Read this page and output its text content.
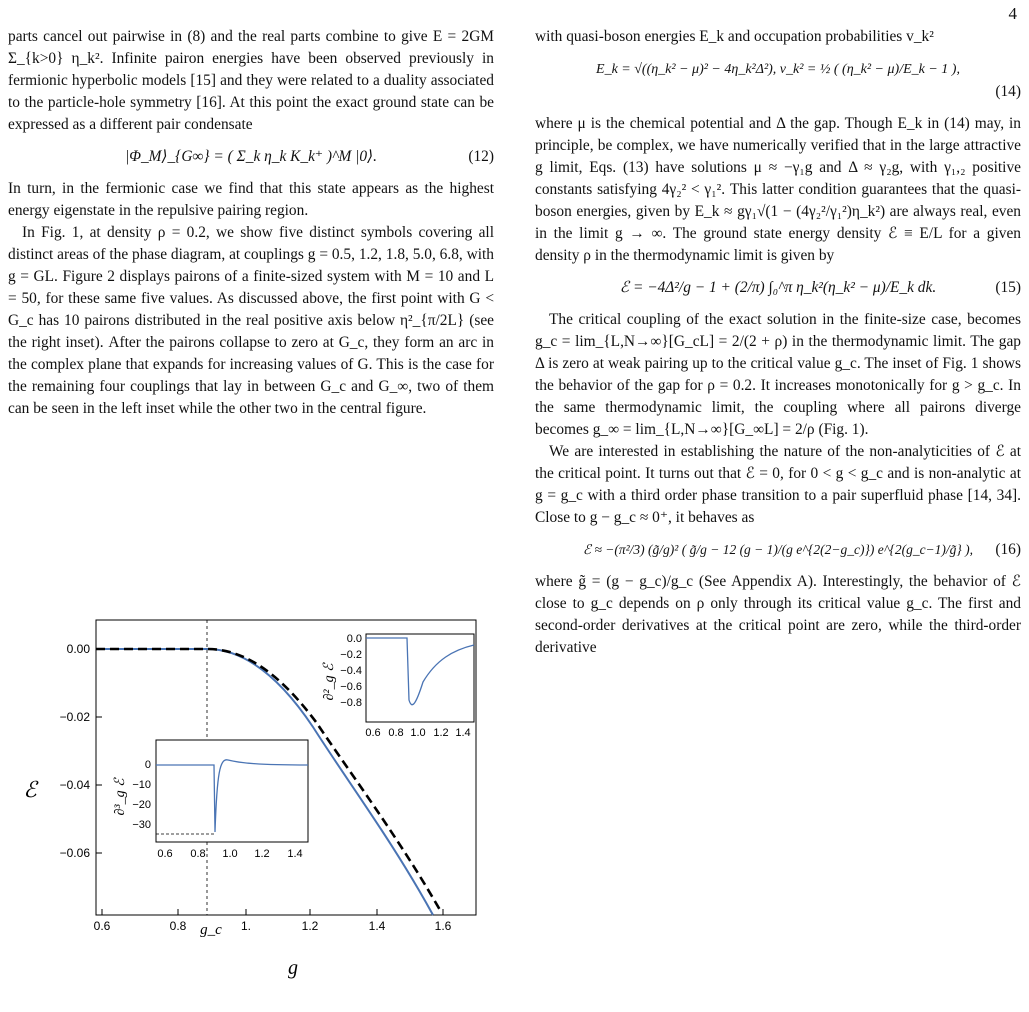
4

parts cancel out pairwise in (8) and the real parts combine to give E = 2GM Σ_{k>0} η_k². Infinite pairon energies have been observed previously in fermionic hyperbolic models [15] and they were related to a duality associated to the particle-hole symmetry [16]. At this point the exact ground state can be expressed as a different pair condensate

|Φ_M⟩_{G∞} = ( Σ_k η_k K_k⁺ )^M |0⟩.	(12)

In turn, in the fermionic case we find that this state appears as the highest energy eigenstate in the repulsive pairing region.

In Fig. 1, at density ρ = 0.2, we show five distinct symbols covering all distinct areas of the phase diagram, at couplings g = 0.5, 1.2, 1.8, 5.0, 6.8, with g = GL. Figure 2 displays pairons of a finite-sized system with M = 10 and L = 50, for these same five values. As discussed above, the first point with G < G_c has 10 pairons distributed in the real positive axis below η²_{π/2L} (see the right inset). After the pairons collapse to zero at G_c, they form an arc in the complex plane that expands for increasing values of G. This is the case for the remaining four couplings that lay in between G_c and G_∞, two of them can be seen in the left inset while the other two in the central figure.

with quasi-boson energies E_k and occupation probabilities v_k²

E_k = √((η_k² − μ)² − 4η_k²Δ²), v_k² = ½ ( (η_k² − μ)/E_k − 1 ),
(14)

where μ is the chemical potential and Δ the gap. Though E_k in (14) may, in principle, be complex, we have numerically verified that in the large attractive g limit, Eqs. (13) have solutions μ ≈ −γ₁g and Δ ≈ γ₂g, with γ₁,₂ positive constants satisfying 4γ₂² < γ₁². This latter condition guarantees that the quasi-boson energies, given by E_k ≈ gγ₁√(1 − (4γ₂²/γ₁²)η_k²) are always real, even in the limit g → ∞. The ground state energy density ℰ ≡ E/L for a given density ρ in the thermodynamic limit is given by

ℰ = −4Δ²/g − 1 + (2/π) ∫₀^π η_k²(η_k² − μ)/E_k dk.	(15)

The critical coupling of the exact solution in the finite-size case, becomes g_c = lim_{L,N→∞}[G_cL] = 2/(2 + ρ) in the thermodynamic limit. The gap Δ is zero at weak pairing up to the critical value g_c. The inset of Fig. 1 shows the behavior of the gap for ρ = 0.2. It increases monotonically for g > g_c. In the same thermodynamic limit, the coupling where all pairons diverge becomes g_∞ = lim_{L,N→∞}[G_∞L] = 2/ρ (Fig. 1).

We are interested in establishing the nature of the non-analyticities of ℰ at the critical point. It turns out that ℰ = 0, for 0 < g < g_c and is non-analytic at g = g_c with a third order phase transition to a pair superfluid phase [14, 34]. Close to g − g_c ≈ 0⁺, it behaves as

ℰ ≈ −(π²/3) (g̃/g)² ( g̃/g − 12 (g − 1)/(g e^{2(2−g_c)}) e^{2(g_c−1)/g̃} ), (16)

where g̃ = (g − g_c)/g_c (See Appendix A). Interestingly, the behavior of ℰ close to g_c depends on ρ only through its critical value g_c. The first and second-order derivatives at the critical point are zero, while the third-order derivative

0.00
−0.02
−0.04
−0.06
0.6	0.8	1.	1.2	1.4	1.6
g_c
g
ℰ
0.0
−0.2
−0.4
−0.6
−0.8
0.6 0.8 1.0 1.2 1.4
∂²_g ℰ
0
−10
−20
−30
0.6 0.8 1.0 1.2 1.4
∂³_g ℰ
